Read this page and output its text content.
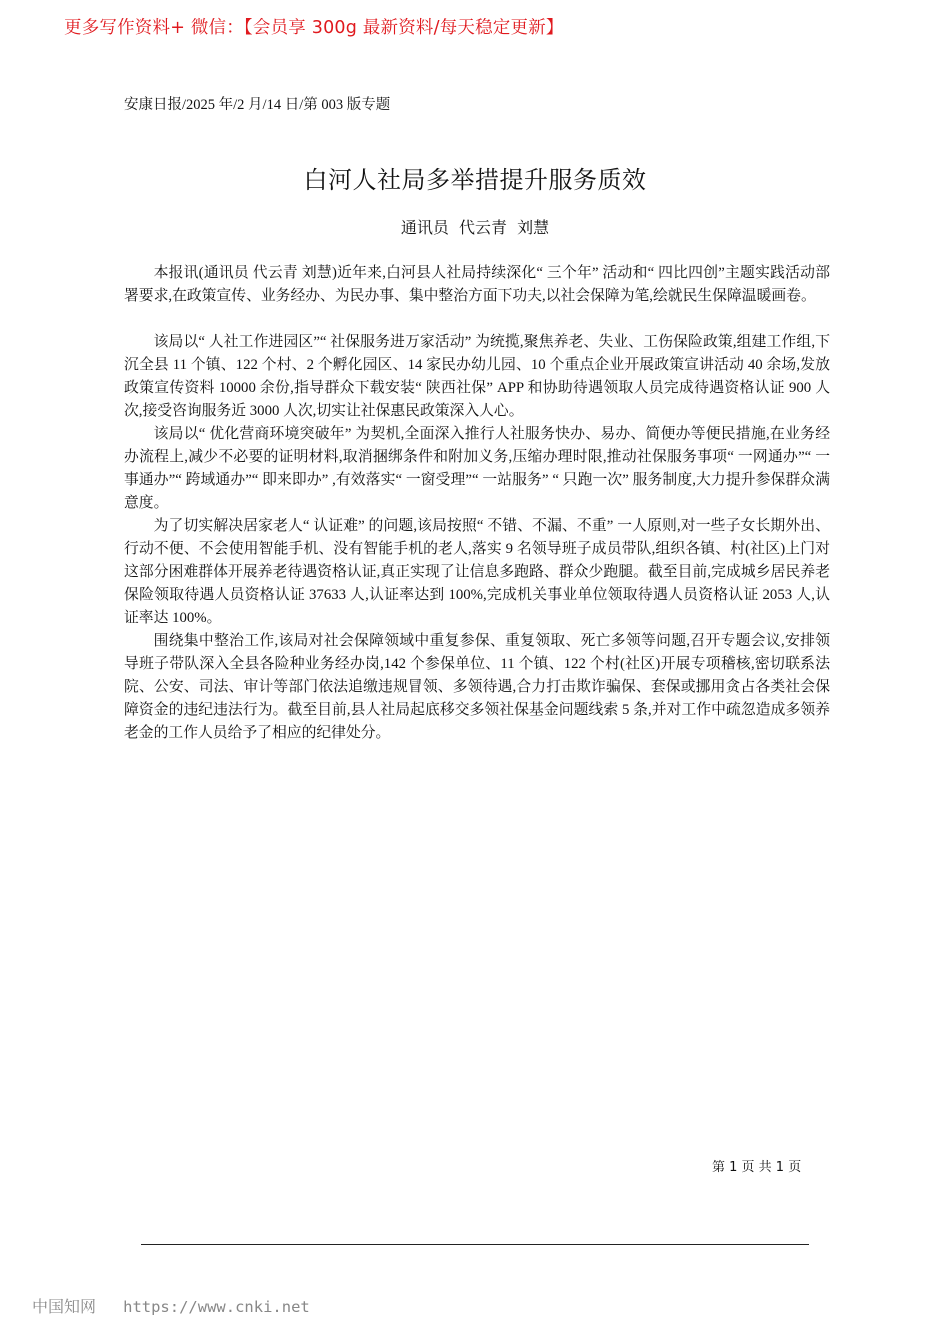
更多写作资料+ 微信：【会员享 300g 最新资料/每天稳定更新】
安康日报/2025 年/2 月/14 日/第 003 版专题
白河人社局多举措提升服务质效
通讯员  代云青  刘慧

本报讯(通讯员 代云青 刘慧)近年来,白河县人社局持续深化“ 三个年” 活动和“ 四比四创”主题实践活动部署要求,在政策宣传、业务经办、为民办事、集中整治方面下功夫,以社会保障为笔,绘就民生保障温暖画卷。

该局以“ 人社工作进园区”“ 社保服务进万家活动” 为统揽,聚焦养老、失业、工伤保险政策,组建工作组,下沉全县 11 个镇、122 个村、2 个孵化园区、14 家民办幼儿园、10 个重点企业开展政策宣讲活动 40 余场,发放政策宣传资料 10000 余份,指导群众下载安装“ 陕西社保” APP 和协助待遇领取人员完成待遇资格认证 900 人次,接受咨询服务近 3000 人次,切实让社保惠民政策深入人心。

该局以“ 优化营商环境突破年” 为契机,全面深入推行人社服务快办、易办、简便办等便民措施,在业务经办流程上,减少不必要的证明材料,取消捆绑条件和附加义务,压缩办理时限,推动社保服务事项“ 一网通办”“ 一事通办”“ 跨域通办”“ 即来即办” ,有效落实“ 一窗受理”“ 一站服务” “ 只跑一次” 服务制度,大力提升参保群众满意度。

为了切实解决居家老人“ 认证难” 的问题,该局按照“ 不错、不漏、不重” 一人原则,对一些子女长期外出、行动不便、不会使用智能手机、没有智能手机的老人,落实 9 名领导班子成员带队,组织各镇、村(社区)上门对这部分困难群体开展养老待遇资格认证,真正实现了让信息多跑路、群众少跑腿。截至目前,完成城乡居民养老保险领取待遇人员资格认证 37633 人,认证率达到 100%,完成机关事业单位领取待遇人员资格认证 2053 人,认证率达 100%。

围绕集中整治工作,该局对社会保障领域中重复参保、重复领取、死亡多领等问题,召开专题会议,安排领导班子带队深入全县各险种业务经办岗,142 个参保单位、11 个镇、122 个村(社区)开展专项稽核,密切联系法院、公安、司法、审计等部门依法追缴违规冒领、多领待遇,合力打击欺诈骗保、套保或挪用贪占各类社会保障资金的违纪违法行为。截至目前,县人社局起底移交多领社保基金问题线索 5 条,并对工作中疏忽造成多领养老金的工作人员给予了相应的纪律处分。

第 1 页 共 1 页
中国知网 https://www.cnki.net
